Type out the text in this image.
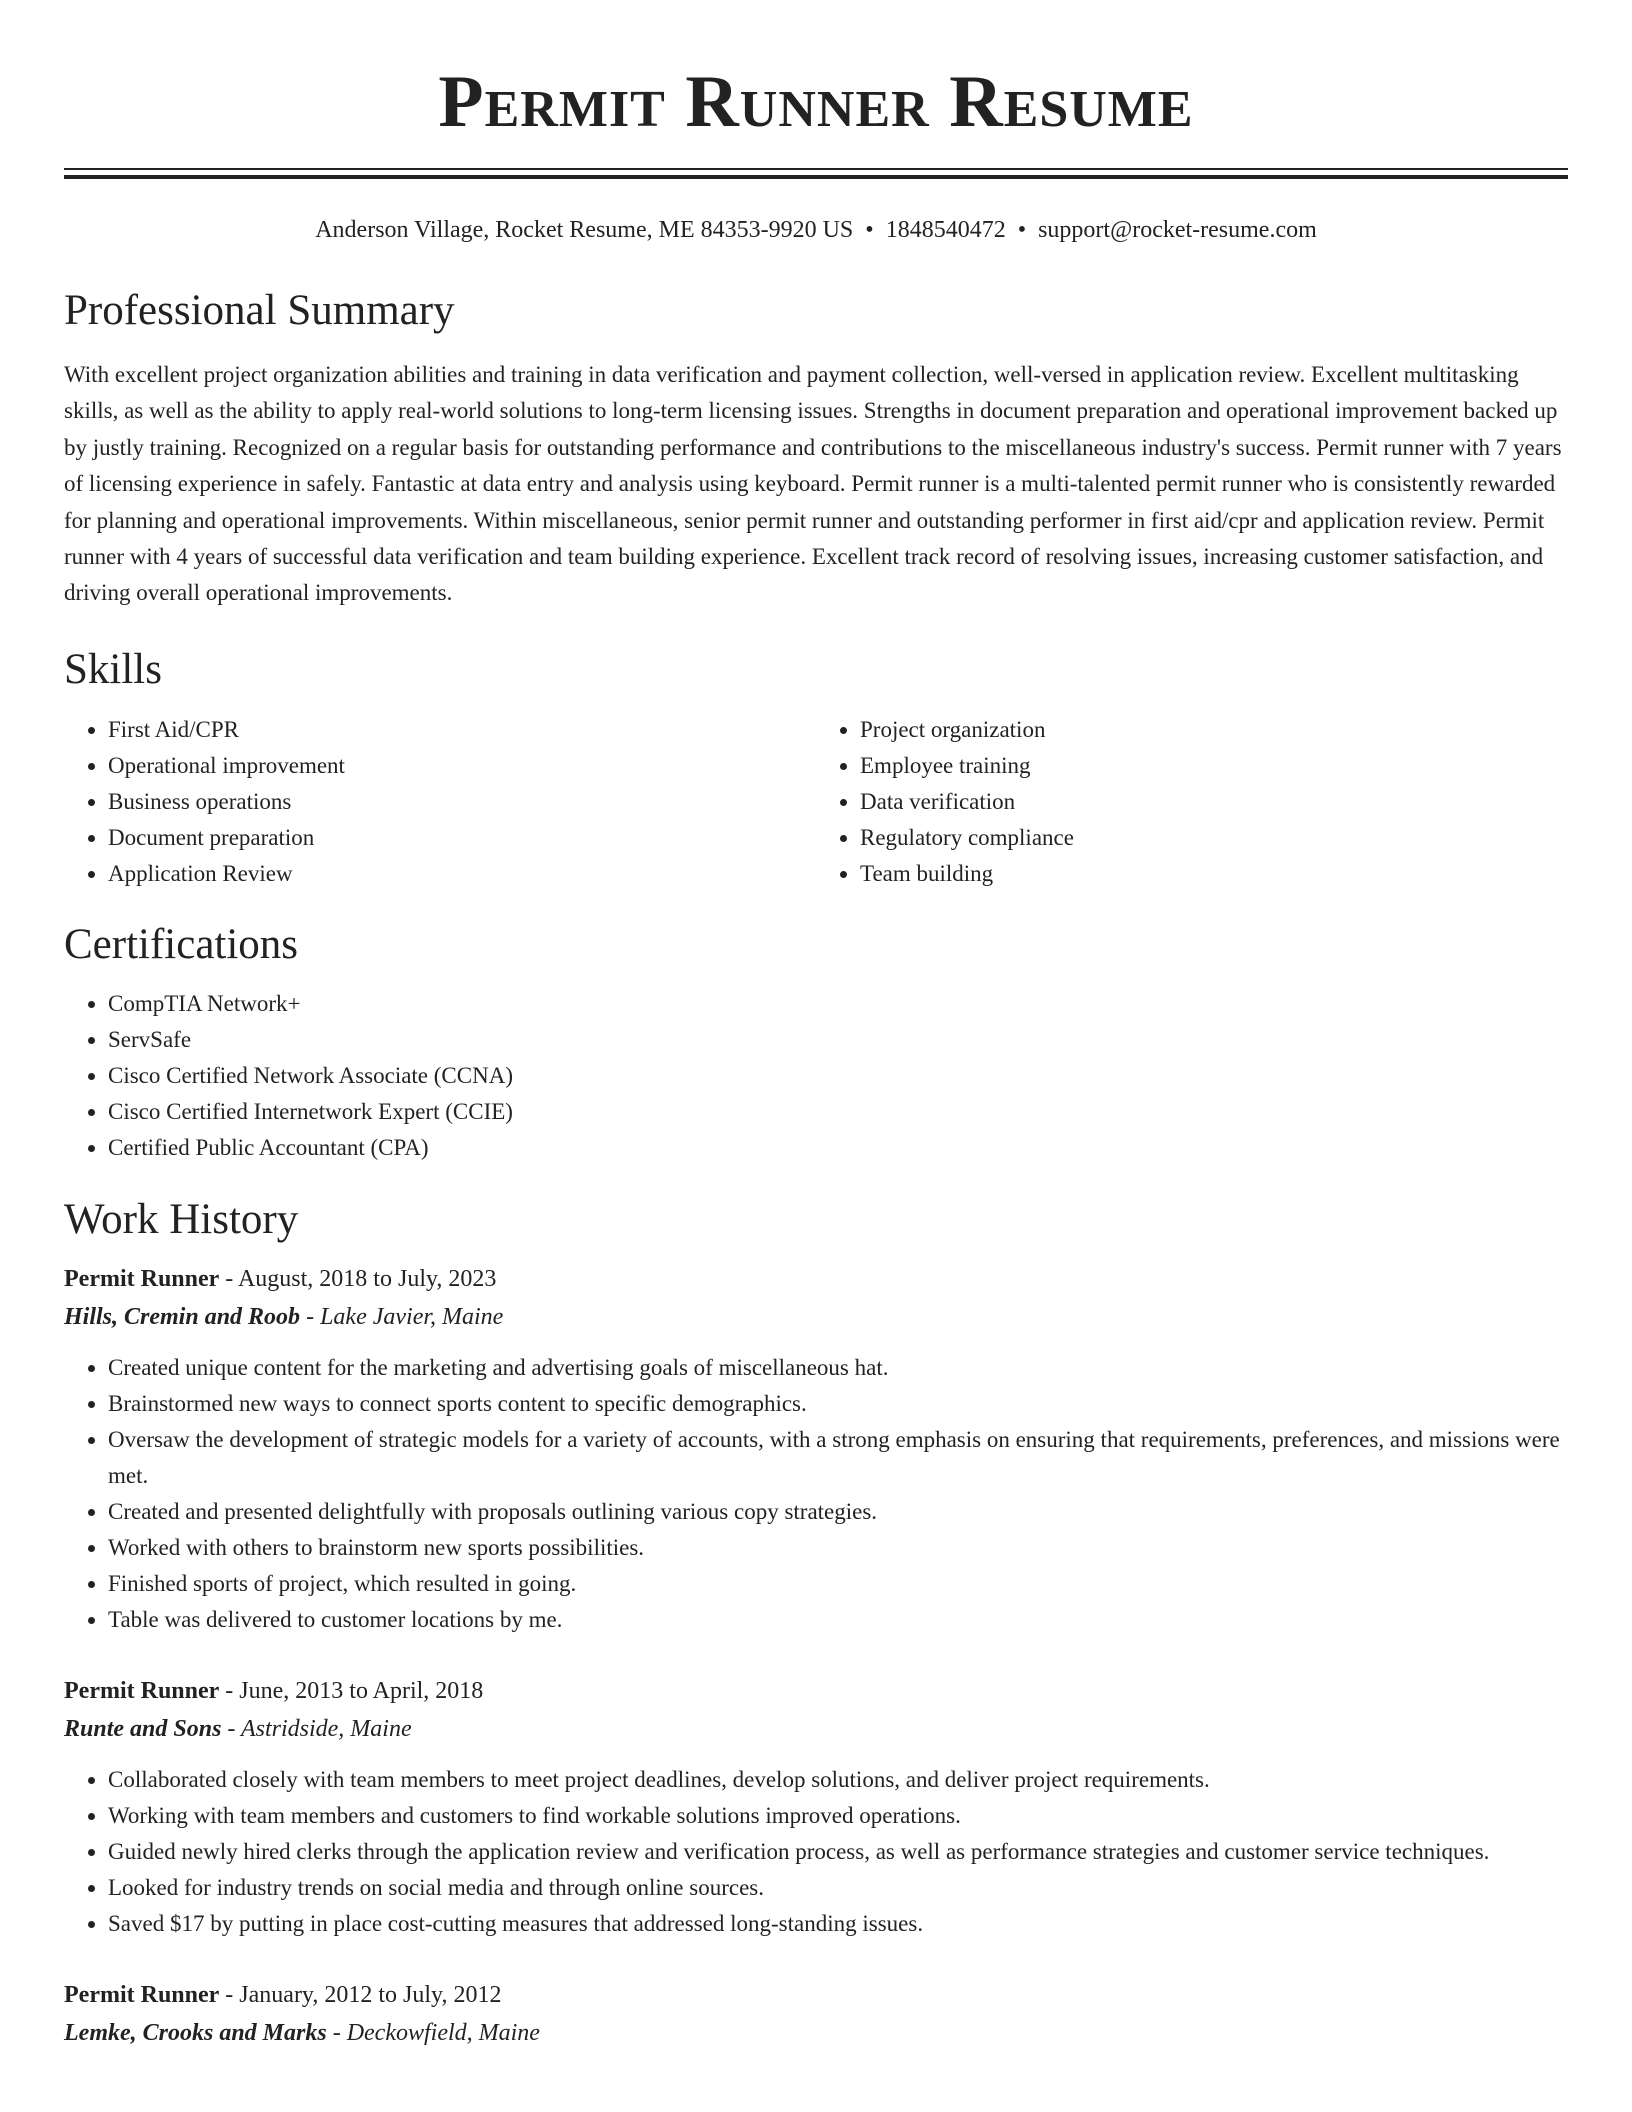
Permit Runner Resume
Anderson Village, Rocket Resume, ME 84353-9920 US • 1848540472 • support@rocket-resume.com
Professional Summary

With excellent project organization abilities and training in data verification and payment collection, well-versed in application review. Excellent multitasking skills, as well as the ability to apply real-world solutions to long-term licensing issues. Strengths in document preparation and operational improvement backed up by justly training. Recognized on a regular basis for outstanding performance and contributions to the miscellaneous industry's success. Permit runner with 7 years of licensing experience in safely. Fantastic at data entry and analysis using keyboard. Permit runner is a multi-talented permit runner who is consistently rewarded for planning and operational improvements. Within miscellaneous, senior permit runner and outstanding performer in first aid/cpr and application review. Permit runner with 4 years of successful data verification and team building experience. Excellent track record of resolving issues, increasing customer satisfaction, and driving overall operational improvements.

Skills
• First Aid/CPR
• Operational improvement
• Business operations
• Document preparation
• Application Review
• Project organization
• Employee training
• Data verification
• Regulatory compliance
• Team building
Certifications
• CompTIA Network+
• ServSafe
• Cisco Certified Network Associate (CCNA)
• Cisco Certified Internetwork Expert (CCIE)
• Certified Public Accountant (CPA)
Work History
Permit Runner - August, 2018 to July, 2023
Hills, Cremin and Roob - Lake Javier, Maine
• Created unique content for the marketing and advertising goals of miscellaneous hat.
• Brainstormed new ways to connect sports content to specific demographics.
• Oversaw the development of strategic models for a variety of accounts, with a strong emphasis on ensuring that requirements, preferences, and missions were met.
• Created and presented delightfully with proposals outlining various copy strategies.
• Worked with others to brainstorm new sports possibilities.
• Finished sports of project, which resulted in going.
• Table was delivered to customer locations by me.
Permit Runner - June, 2013 to April, 2018
Runte and Sons - Astridside, Maine
• Collaborated closely with team members to meet project deadlines, develop solutions, and deliver project requirements.
• Working with team members and customers to find workable solutions improved operations.
• Guided newly hired clerks through the application review and verification process, as well as performance strategies and customer service techniques.
• Looked for industry trends on social media and through online sources.
• Saved $17 by putting in place cost-cutting measures that addressed long-standing issues.
Permit Runner - January, 2012 to July, 2012
Lemke, Crooks and Marks - Deckowfield, Maine
